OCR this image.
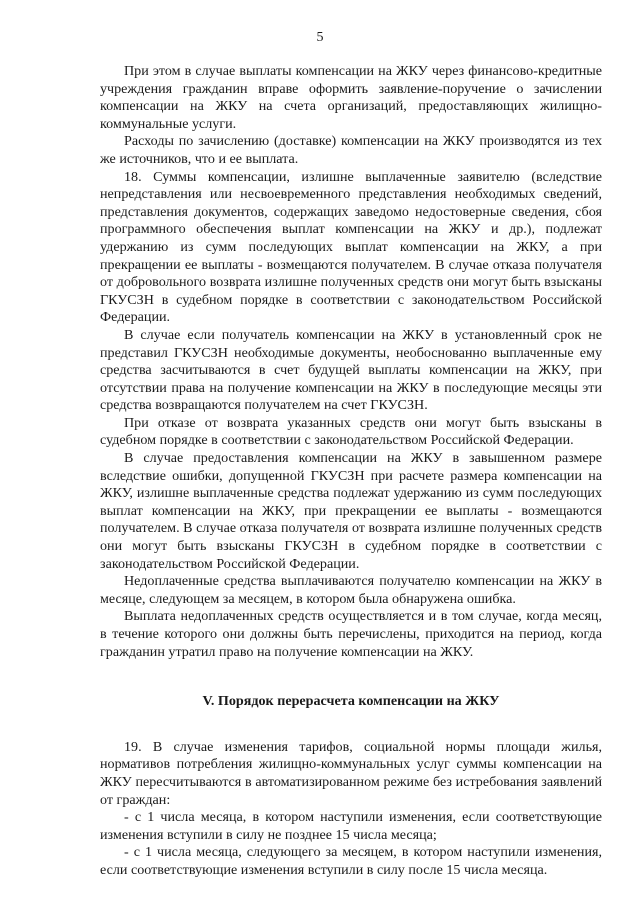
5

При этом в случае выплаты компенсации на ЖКУ через финансово-кредитные учреждения гражданин вправе оформить заявление-поручение о зачислении компенсации на ЖКУ на счета организаций, предоставляющих жилищно-коммунальные услуги.

Расходы по зачислению (доставке) компенсации на ЖКУ производятся из тех же источников, что и ее выплата.

18. Суммы компенсации, излишне выплаченные заявителю (вследствие непредставления или несвоевременного представления необходимых сведений, представления документов, содержащих заведомо недостоверные сведения, сбоя программного обеспечения выплат компенсации на ЖКУ и др.), подлежат удержанию из сумм последующих выплат компенсации на ЖКУ, а при прекращении ее выплаты - возмещаются получателем. В случае отказа получателя от добровольного возврата излишне полученных средств они могут быть взысканы ГКУСЗН в судебном порядке в соответствии с законодательством Российской Федерации.

В случае если получатель компенсации на ЖКУ в установленный срок не представил ГКУСЗН необходимые документы, необоснованно выплаченные ему средства засчитываются в счет будущей выплаты компенсации на ЖКУ, при отсутствии права на получение компенсации на ЖКУ в последующие месяцы эти средства возвращаются получателем на счет ГКУСЗН.

При отказе от возврата указанных средств они могут быть взысканы в судебном порядке в соответствии с законодательством Российской Федерации.

В случае предоставления компенсации на ЖКУ в завышенном размере вследствие ошибки, допущенной ГКУСЗН при расчете размера компенсации на ЖКУ, излишне выплаченные средства подлежат удержанию из сумм последующих выплат компенсации на ЖКУ, при прекращении ее выплаты - возмещаются получателем. В случае отказа получателя от возврата излишне полученных средств они могут быть взысканы ГКУСЗН в судебном порядке в соответствии с законодательством Российской Федерации.

Недоплаченные средства выплачиваются получателю компенсации на ЖКУ в месяце, следующем за месяцем, в котором была обнаружена ошибка.

Выплата недоплаченных средств осуществляется и в том случае, когда месяц, в течение которого они должны быть перечислены, приходится на период, когда гражданин утратил право на получение компенсации на ЖКУ.

V. Порядок перерасчета компенсации на ЖКУ

19. В случае изменения тарифов, социальной нормы площади жилья, нормативов потребления жилищно-коммунальных услуг суммы компенсации на ЖКУ пересчитываются в автоматизированном режиме без истребования заявлений от граждан:

- с 1 числа месяца, в котором наступили изменения, если соответствующие изменения вступили в силу не позднее 15 числа месяца;

- с 1 числа месяца, следующего за месяцем, в котором наступили изменения, если соответствующие изменения вступили в силу после 15 числа месяца.
